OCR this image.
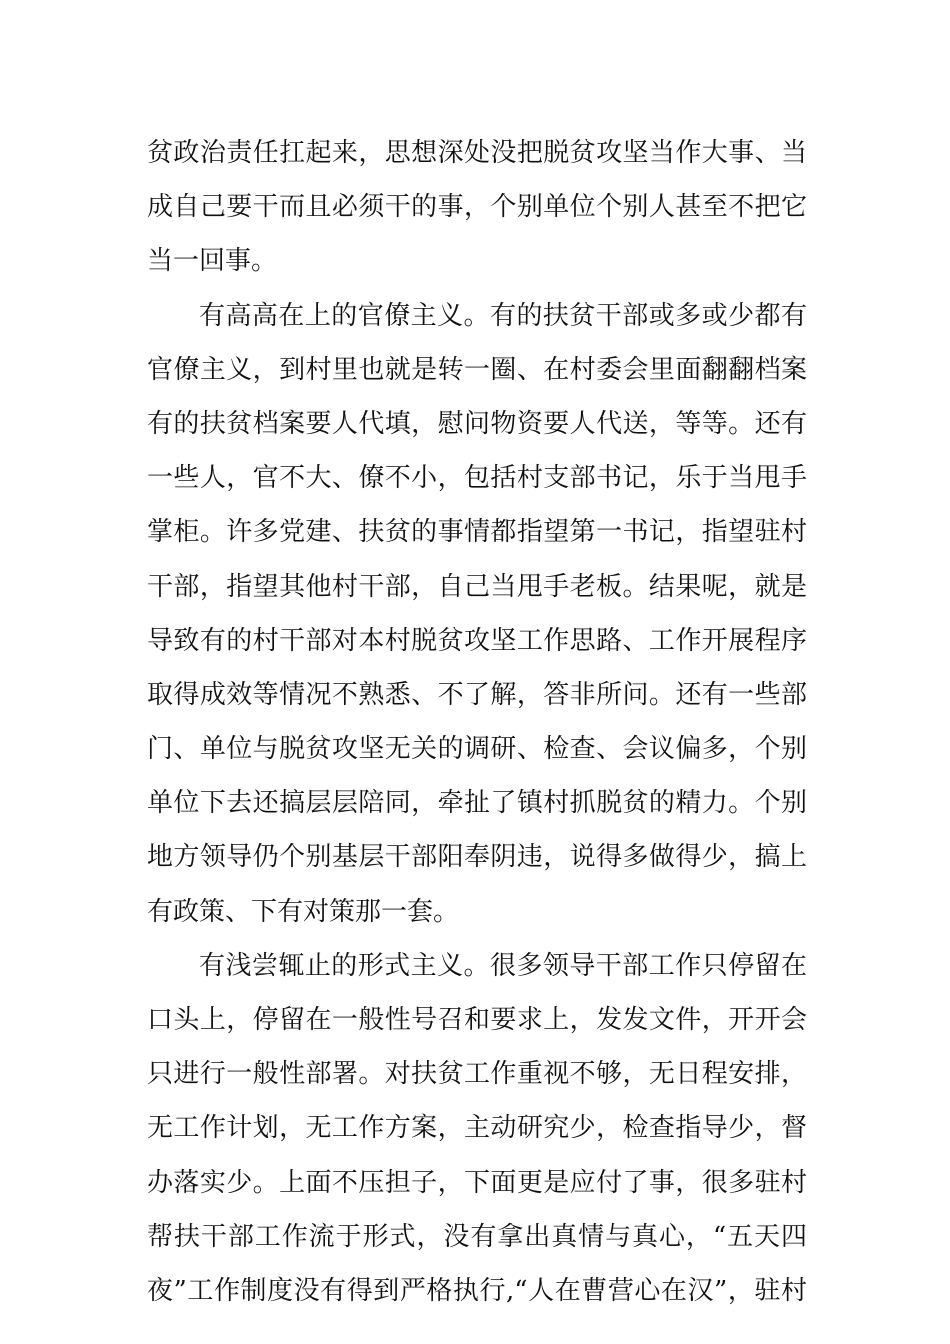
贫政治责任扛起来，思想深处没把脱贫攻坚当作大事、当
成自己要干而且必须干的事，个别单位个别人甚至不把它
当一回事。
有高高在上的官僚主义。有的扶贫干部或多或少都有
官僚主义，到村里也就是转一圈、在村委会里面翻翻档案
有的扶贫档案要人代填，慰问物资要人代送，等等。还有
一些人，官不大、僚不小，包括村支部书记，乐于当甩手
掌柜。许多党建、扶贫的事情都指望第一书记，指望驻村
干部，指望其他村干部，自己当甩手老板。结果呢，就是
导致有的村干部对本村脱贫攻坚工作思路、工作开展程序
取得成效等情况不熟悉、不了解，答非所问。还有一些部
门、单位与脱贫攻坚无关的调研、检查、会议偏多，个别
单位下去还搞层层陪同，牵扯了镇村抓脱贫的精力。个别
地方领导仍个别基层干部阳奉阴违，说得多做得少，搞上
有政策、下有对策那一套。
有浅尝辄止的形式主义。很多领导干部工作只停留在
口头上，停留在一般性号召和要求上，发发文件，开开会
只进行一般性部署。对扶贫工作重视不够，无日程安排，
无工作计划，无工作方案，主动研究少，检查指导少，督
办落实少。上面不压担子，下面更是应付了事，很多驻村
帮扶干部工作流于形式，没有拿出真情与真心，“五天四
夜”工作制度没有得到严格执行,“人在曹营心在汉”，驻村
